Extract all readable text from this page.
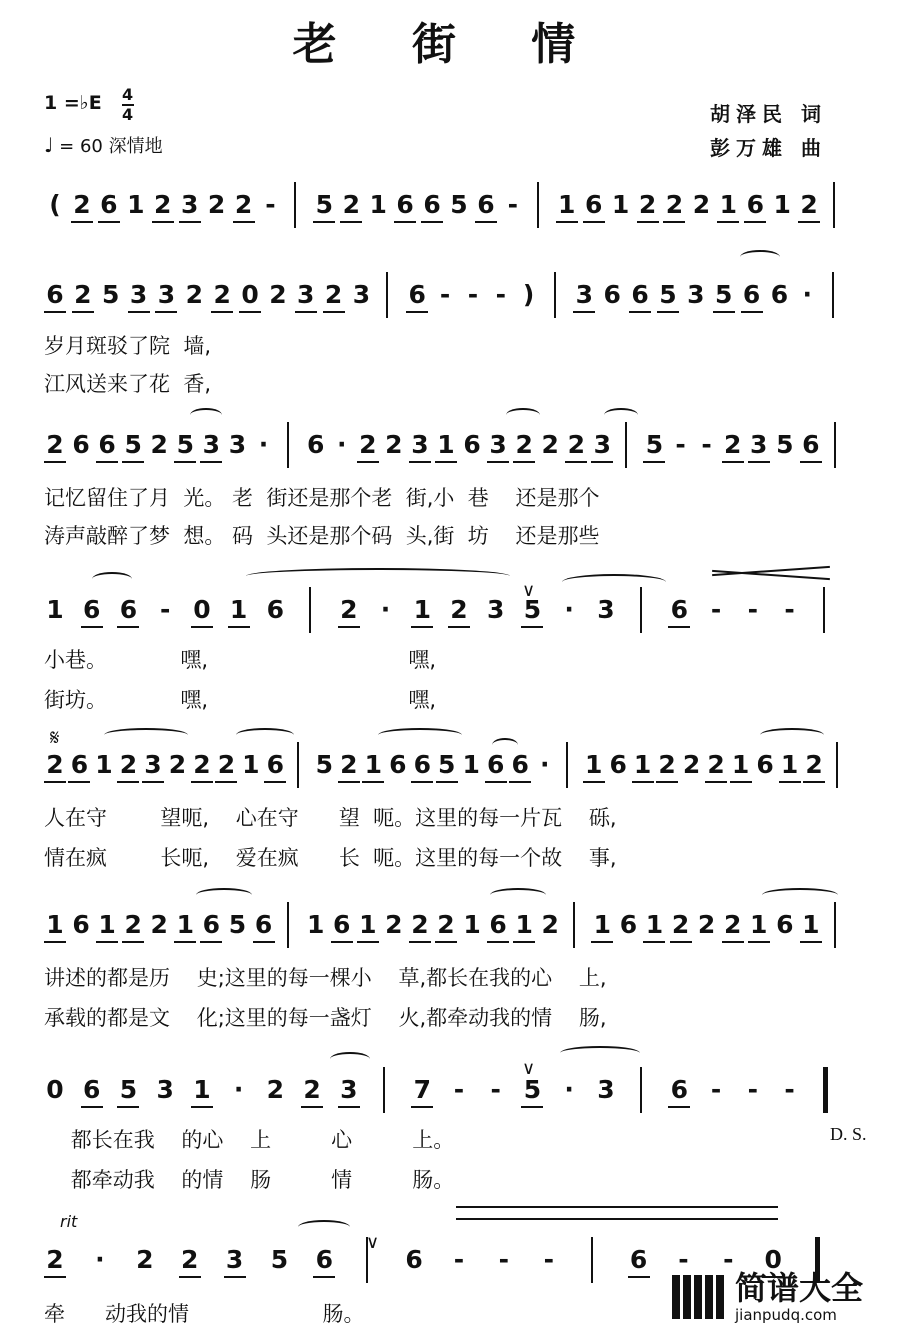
老 街 情
1 =♭E 4
4
♩ = 60 深情地
胡泽民 词
彭万雄 曲
( 2 6 1 2 3 2 2 - 5 2 1 6 6 5 6 - 1 6 1 2 2 2 1 6 1 2
6 2 5 3 3 2 2 0 2 3 2 3 6 - - - ) 3 6 6 5 3 5 6 6 ·
2 6 6 5 2 5 3 3 · 6 · 2 2 3 1 6 3 2 2 2 3 5 - - 2 3 5 6
1 6 6 - 0 1 6 2 · 1 2 3 5 · 3 6 - - -
2 6 1 2 3 2 2 2 1 6 5 2 1 6 6 5 1 6 6 · 1 6 1 2 2 2 1 6 1 2
1 6 1 2 2 1 6 5 6 1 6 1 2 2 2 1 6 1 2 1 6 1 2 2 2 1 6 1
0 6 5 3 1 · 2 2 3 7 - - 5 · 3 6 - - -
2 · 2 2 3 5 6	6 - - -	6 - - 0
岁月斑驳了院  墙,
江风送来了花  香,
记忆留住了月  光。 老  街还是那个老  街,小  巷    还是那个
涛声敲醉了梦  想。 码  头还是那个码  头,街  坊    还是那些
小巷。           嘿,                              嘿,
街坊。           嘿,                              嘿,
人在守        望呃,    心在守      望  呃。这里的每一片瓦    砾,
情在疯        长呃,    爱在疯      长  呃。这里的每一个故    事,
讲述的都是历    史;这里的每一棵小    草,都长在我的心    上,
承载的都是文    化;这里的每一盏灯    火,都牵动我的情    肠,
都长在我    的心    上         心         上。
都牵动我    的情    肠         情         肠。
牵      动我的情                    肠。
𝄋
D. S.
rit
∨
∨
∨
简谱大全
jianpudq.com
